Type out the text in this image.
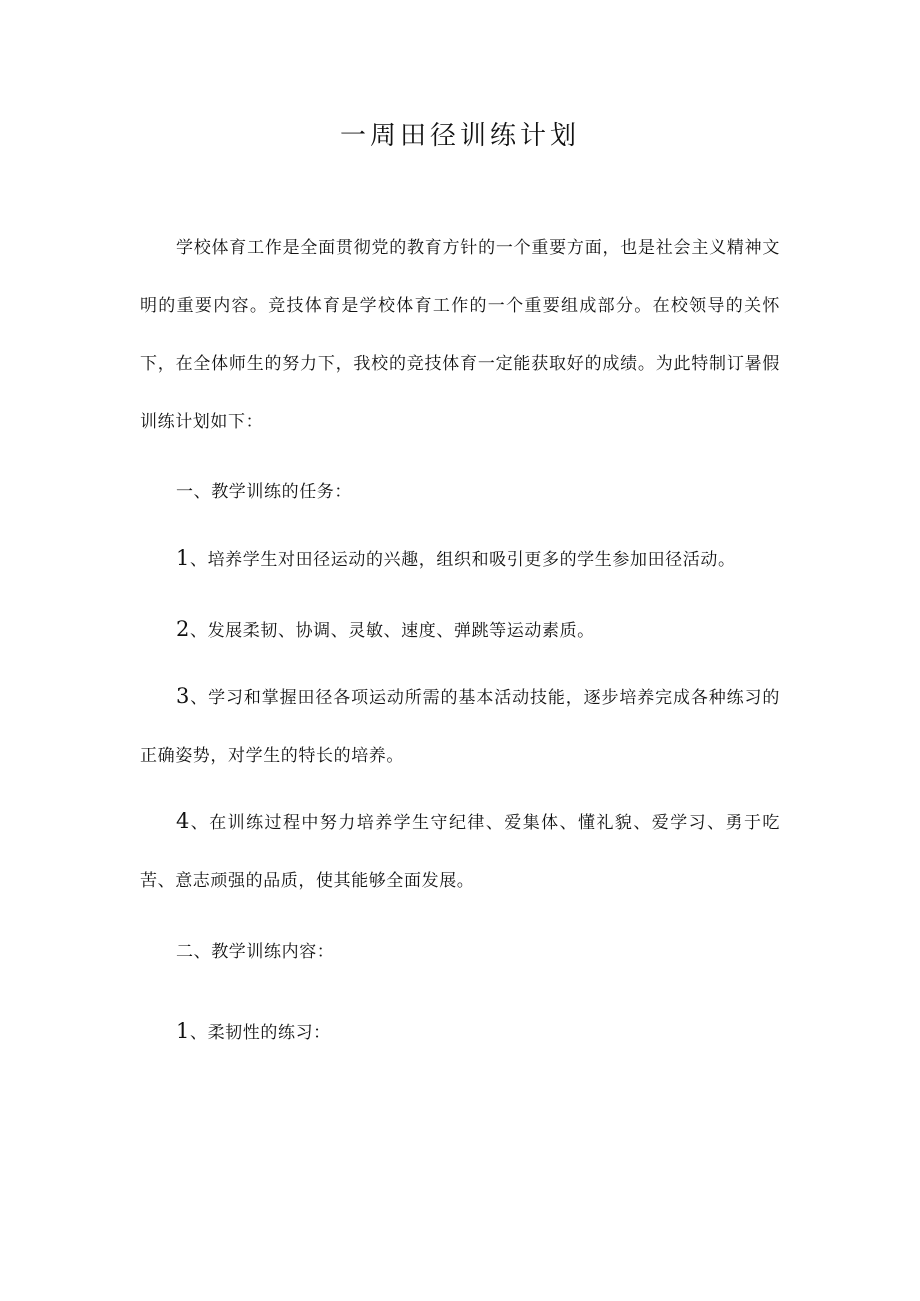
一周田径训练计划

学校体育工作是全面贯彻党的教育方针的一个重要方面，也是社会主义精神文明的重要内容。竞技体育是学校体育工作的一个重要组成部分。在校领导的关怀下，在全体师生的努力下，我校的竞技体育一定能获取好的成绩。为此特制订暑假训练计划如下：

一、教学训练的任务：

1、培养学生对田径运动的兴趣，组织和吸引更多的学生参加田径活动。

2、发展柔韧、协调、灵敏、速度、弹跳等运动素质。

3、学习和掌握田径各项运动所需的基本活动技能，逐步培养完成各种练习的正确姿势，对学生的特长的培养。

4、在训练过程中努力培养学生守纪律、爱集体、懂礼貌、爱学习、勇于吃苦、意志顽强的品质，使其能够全面发展。

二、教学训练内容：

1、柔韧性的练习：
